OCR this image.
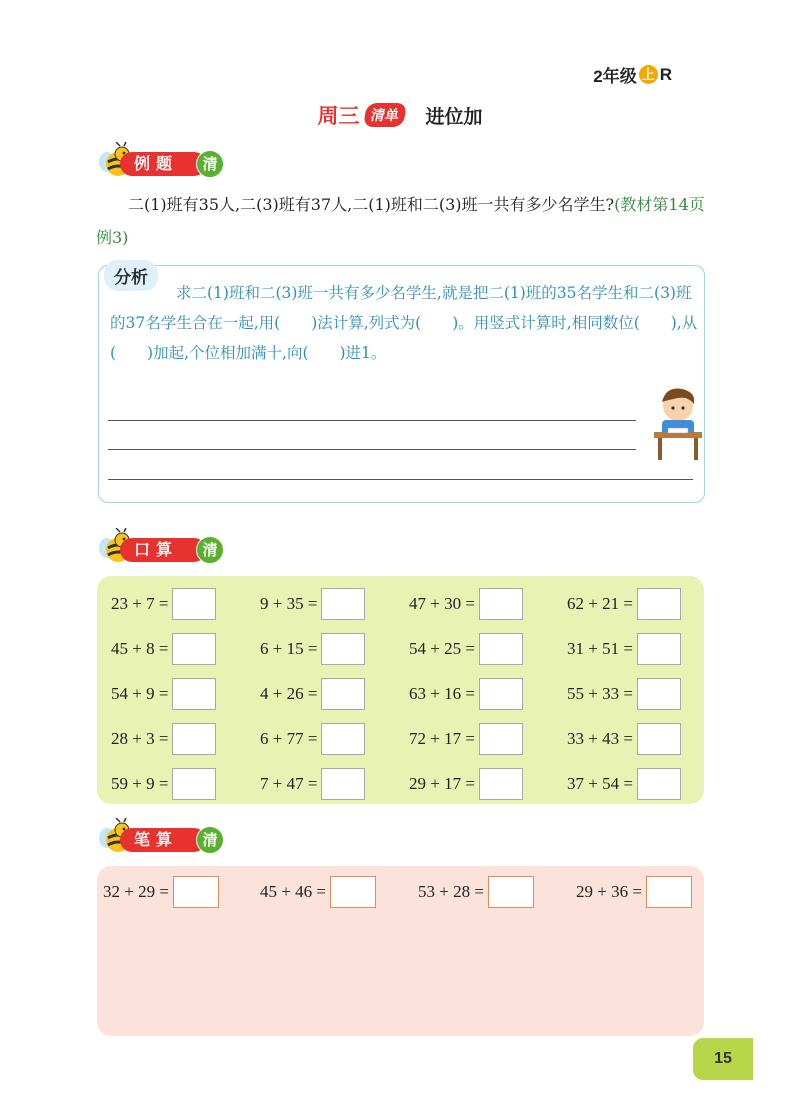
2年级 上 R
周三 清单	进位加
例题	清
二(1)班有35人,二(3)班有37人,二(1)班和二(3)班一共有多少名学生?(教材第14页例3)
分析
求二(1)班和二(3)班一共有多少名学生,就是把二(1)班的35名学生和二(3)班的37名学生合在一起,用(　　)法计算,列式为(　　)。用竖式计算时,相同数位(　　),从(　　)加起,个位相加满十,向(　　)进1。
口算	清
23 + 7 =	9 + 35 =	47 + 30 =	62 + 21 =
45 + 8 =	6 + 15 =	54 + 25 =	31 + 51 =
54 + 9 =	4 + 26 =	63 + 16 =	55 + 33 =
28 + 3 =	6 + 77 =	72 + 17 =	33 + 43 =
59 + 9 =	7 + 47 =	29 + 17 =	37 + 54 =
笔算	清
32 + 29 =	45 + 46 =	53 + 28 =	29 + 36 =
15
